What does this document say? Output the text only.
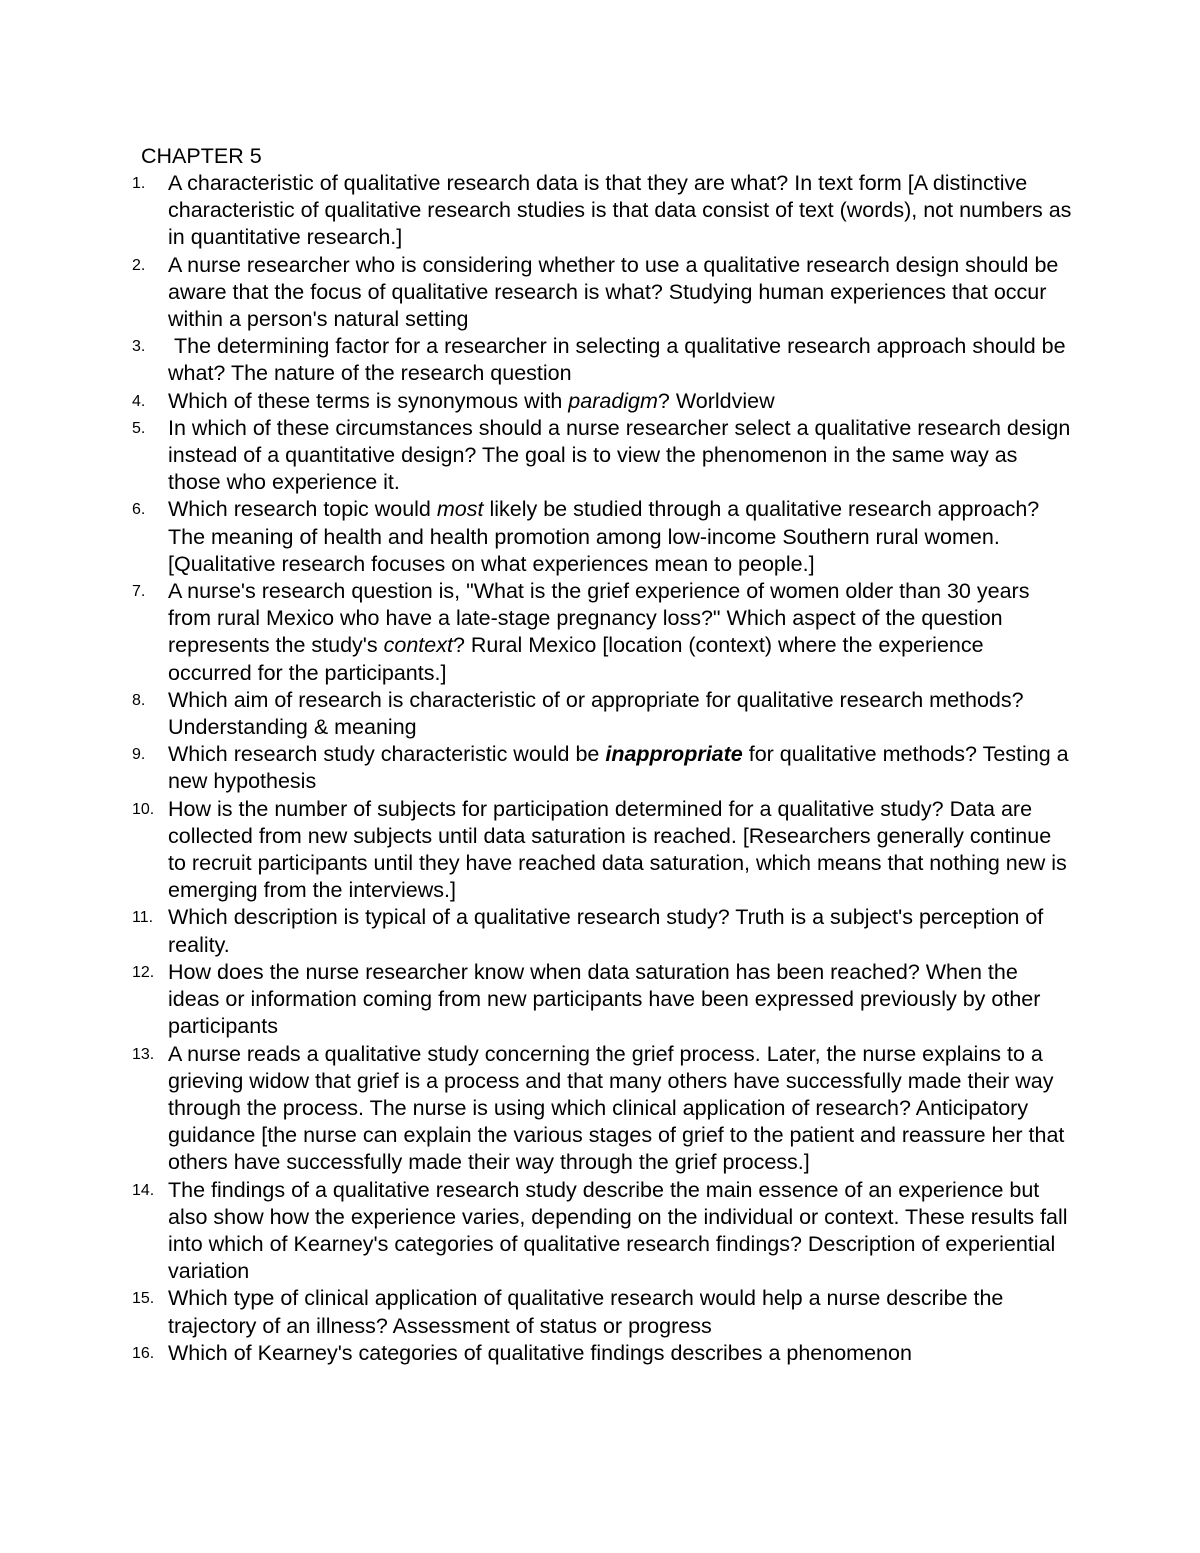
CHAPTER 5
1. A characteristic of qualitative research data is that they are what? In text form [A distinctive characteristic of qualitative research studies is that data consist of text (words), not numbers as in quantitative research.]
2. A nurse researcher who is considering whether to use a qualitative research design should be aware that the focus of qualitative research is what? Studying human experiences that occur within a person's natural setting
3. The determining factor for a researcher in selecting a qualitative research approach should be what? The nature of the research question
4. Which of these terms is synonymous with paradigm? Worldview
5. In which of these circumstances should a nurse researcher select a qualitative research design instead of a quantitative design? The goal is to view the phenomenon in the same way as those who experience it.
6. Which research topic would most likely be studied through a qualitative research approach? The meaning of health and health promotion among low-income Southern rural women. [Qualitative research focuses on what experiences mean to people.]
7. A nurse's research question is, "What is the grief experience of women older than 30 years from rural Mexico who have a late-stage pregnancy loss?" Which aspect of the question represents the study's context? Rural Mexico [location (context) where the experience occurred for the participants.]
8. Which aim of research is characteristic of or appropriate for qualitative research methods? Understanding & meaning
9. Which research study characteristic would be inappropriate for qualitative methods? Testing a new hypothesis
10. How is the number of subjects for participation determined for a qualitative study? Data are collected from new subjects until data saturation is reached. [Researchers generally continue to recruit participants until they have reached data saturation, which means that nothing new is emerging from the interviews.]
11. Which description is typical of a qualitative research study? Truth is a subject's perception of reality.
12. How does the nurse researcher know when data saturation has been reached? When the ideas or information coming from new participants have been expressed previously by other participants
13. A nurse reads a qualitative study concerning the grief process. Later, the nurse explains to a grieving widow that grief is a process and that many others have successfully made their way through the process. The nurse is using which clinical application of research? Anticipatory guidance [the nurse can explain the various stages of grief to the patient and reassure her that others have successfully made their way through the grief process.]
14. The findings of a qualitative research study describe the main essence of an experience but also show how the experience varies, depending on the individual or context. These results fall into which of Kearney's categories of qualitative research findings? Description of experiential variation
15. Which type of clinical application of qualitative research would help a nurse describe the trajectory of an illness? Assessment of status or progress
16. Which of Kearney's categories of qualitative findings describes a phenomenon
